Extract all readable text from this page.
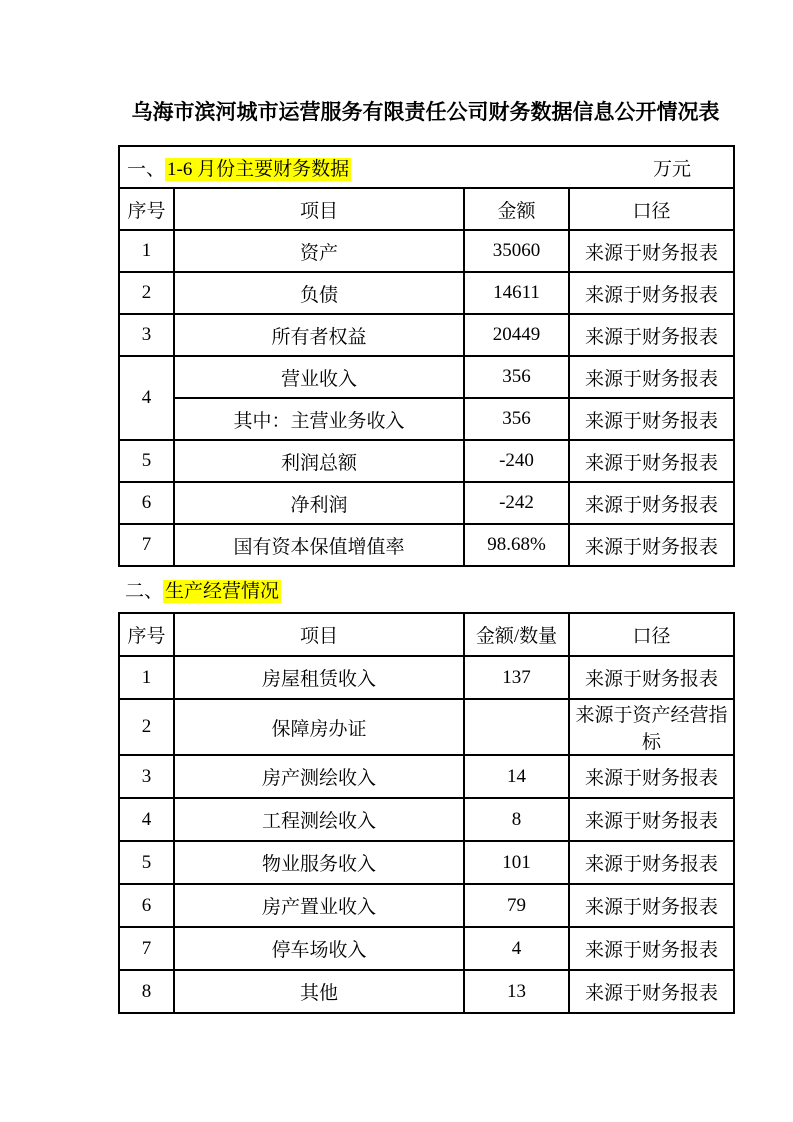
乌海市滨河城市运营服务有限责任公司财务数据信息公开情况表
一、 1-6 月份主要财务数据 万元			

序号	项目	金额	口径
1	资产	35060	来源于财务报表
2	负债	14611	来源于财务报表
3	所有者权益	20449	来源于财务报表
4	营业收入	356	来源于财务报表
	其中：主营业务收入	356	来源于财务报表
5	利润总额	-240	来源于财务报表
6	净利润	-242	来源于财务报表
7	国有资本保值增值率	98.68%	来源于财务报表
二、 生产经营情况
序号	项目	金额/数量	口径
1	房屋租赁收入	137	来源于财务报表
2	保障房办证		来源于资产经营指标
3	房产测绘收入	14	来源于财务报表
4	工程测绘收入	8	来源于财务报表
5	物业服务收入	101	来源于财务报表
6	房产置业收入	79	来源于财务报表
7	停车场收入	4	来源于财务报表
8	其他	13	来源于财务报表
